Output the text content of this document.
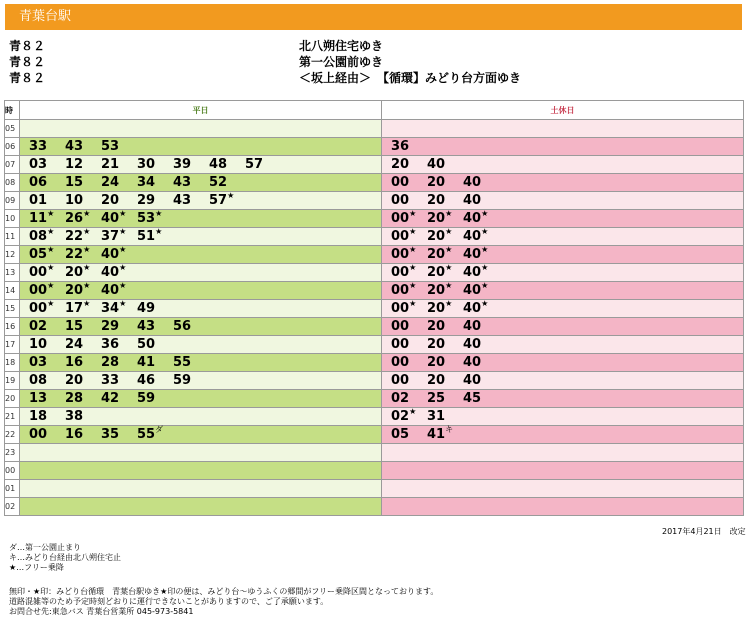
青葉台駅
青８２	北八朔住宅ゆき
青８２	第一公園前ゆき
青８２	＜坂上経由＞　【循環】みどり台方面ゆき
時	平日	土休日
05		
06	33 43 53	36
07	03 12 21 30 39 48 57	20 40
08	06 15 24 34 43 52	00 20 40
09	01 10 20 29 43 57★	00 20 40
10	11★ 26★ 40★ 53★	00★ 20★ 40★
11	08★ 22★ 37★ 51★	00★ 20★ 40★
12	05★ 22★ 40★	00★ 20★ 40★
13	00★ 20★ 40★	00★ 20★ 40★
14	00★ 20★ 40★	00★ 20★ 40★
15	00★ 17★ 34★ 49	00★ 20★ 40★
16	02 15 29 43 56	00 20 40
17	10 24 36 50	00 20 40
18	03 16 28 41 55	00 20 40
19	08 20 33 46 59	00 20 40
20	13 28 42 59	02 25 45
21	18 38	02★ 31
22	00 16 35 $55^ダ$	05 $41^キ$
23		
00		
01		
02		
2017年4月21日　改定
ダ…第一公園止まり
キ…みどり台経由北八朔住宅止
★…フリー乗降
無印・★印：みどり台循環　青葉台駅ゆき★印の便は、みどり台～ゆうふくの郷間がフリー乗降区間となっております。
道路混雑等のため予定時刻どおりに運行できないことがありますので、ご了承願います。
お問合せ先:東急バス 青葉台営業所 045-973-5841
